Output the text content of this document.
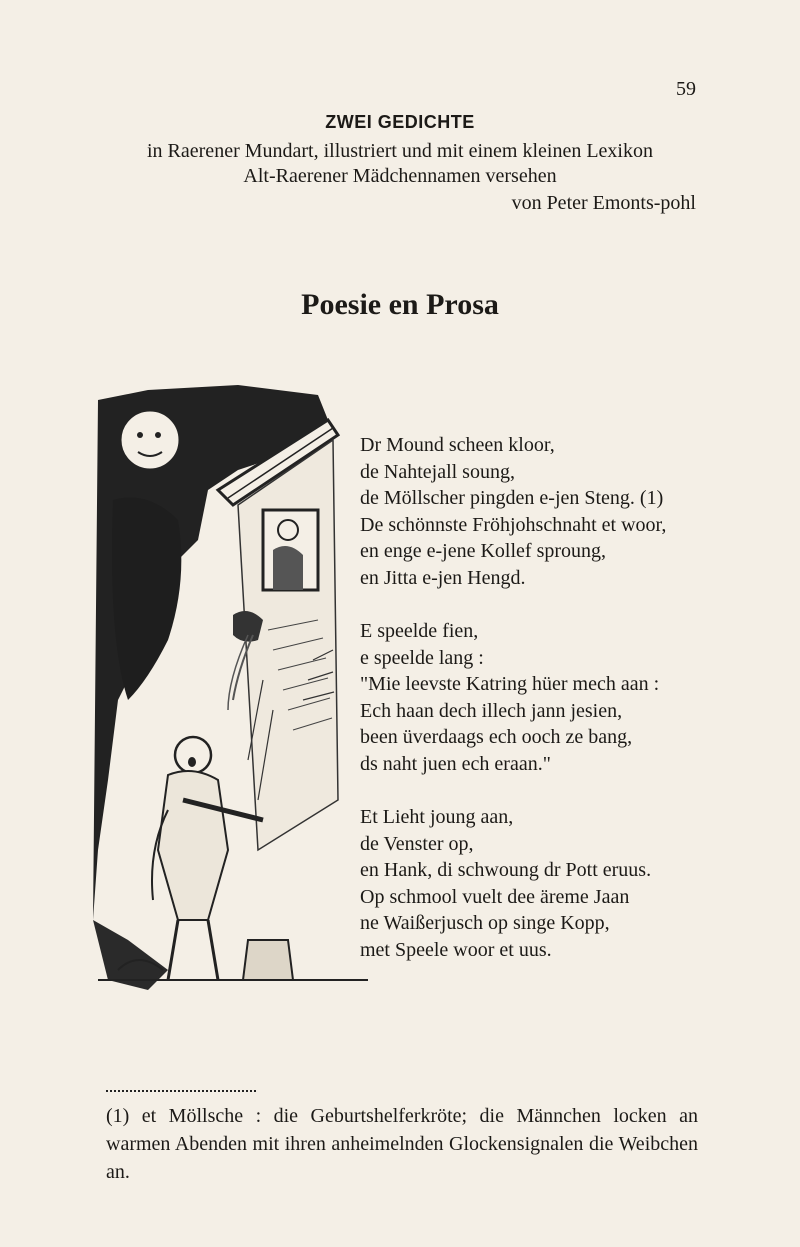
59
ZWEI GEDICHTE
in Raerener Mundart, illustriert und mit einem kleinen Lexikon
Alt-Raerener Mädchennamen versehen
von Peter Emonts-pohl
Poesie en Prosa
Dr Mound scheen kloor,
de Nahtejall soung,
de Möllscher pingden e-jen Steng. (1)
De schönnste Fröhjohschnaht et woor,
en enge e-jene Kollef sproung,
en Jitta e-jen Hengd.
E speelde fien,
e speelde lang :
"Mie leevste Katring hüer mech aan :
Ech haan dech illech jann jesien,
been üverdaags ech ooch ze bang,
ds naht juen ech eraan."
Et Lieht joung aan,
de Venster op,
en Hank, di schwoung dr Pott eruus.
Op schmool vuelt dee äreme Jaan
ne Waißerjusch op singe Kopp,
met Speele woor et uus.
(1) et Möllsche : die Geburtshelferkröte; die Männchen locken an warmen Abenden mit ihren anheimelnden Glockensignalen die Weibchen an.
